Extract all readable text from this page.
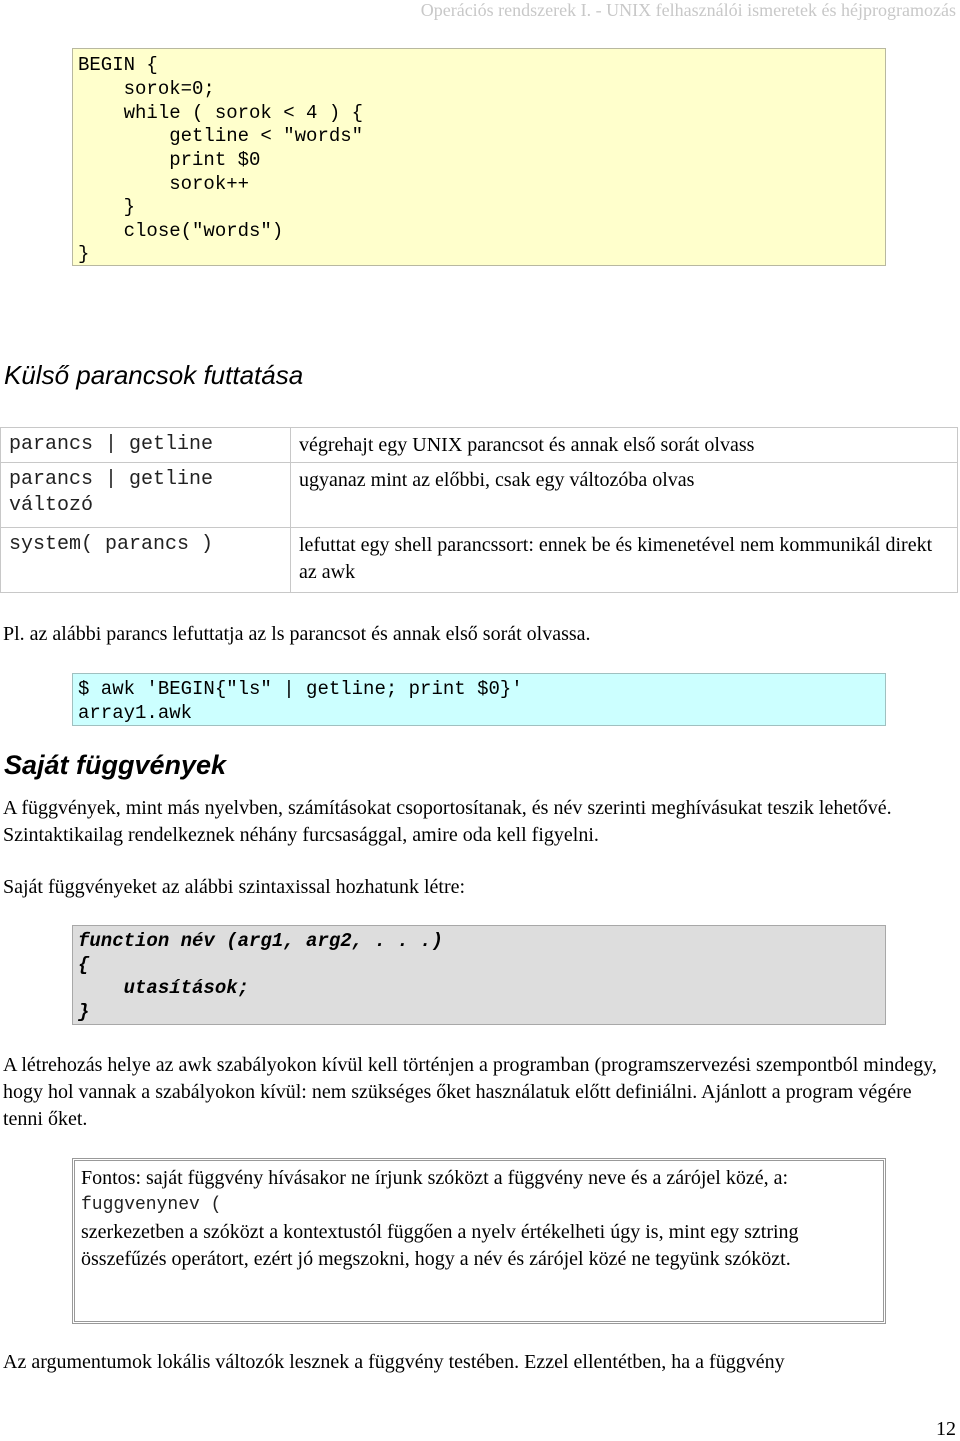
Operációs rendszerek I. - UNIX felhasználói ismeretek és héjprogramozás
BEGIN {
sorok=0;
while ( sorok < 4 ) {
getline < "words"
print $0
sorok++
}
close("words")
}
Külső parancsok futtatása
parancs | getline	végrehajt egy UNIX parancsot és annak első sorát olvass
parancs | getline változó	ugyanaz mint az előbbi, csak egy változóba olvas
system( parancs )	lefuttat egy shell parancssort: ennek be és kimenetével nem kommunikál direkt az awk
Pl. az alábbi parancs lefuttatja az ls parancsot és annak első sorát olvassa.
$ awk 'BEGIN{"ls" | getline; print $0}'
array1.awk
Saját függvények
A függvények, mint más nyelvben, számításokat csoportosítanak, és név szerinti meghívásukat teszik lehetővé. Szintaktikailag rendelkeznek néhány furcsasággal, amire oda kell figyelni.
Saját függvényeket az alábbi szintaxissal hozhatunk létre:
function név (arg1, arg2, . . .)
{
utasítások;
}
A létrehozás helye az awk szabályokon kívül kell történjen a programban (programszervezési szempontból mindegy, hogy hol vannak a szabályokon kívül: nem szükséges őket használatuk előtt definiálni. Ajánlott a program végére tenni őket.
Fontos: saját függvény hívásakor ne írjunk szóközt a függvény neve és a zárójel közé, a:
fuggvenynev (
szerkezetben a szóközt a kontextustól függően a nyelv értékelheti úgy is, mint egy sztring összefűzés operátort, ezért jó megszokni, hogy a név és zárójel közé ne tegyünk szóközt.
Az argumentumok lokális változók lesznek a függvény testében. Ezzel ellentétben, ha a függvény
12
